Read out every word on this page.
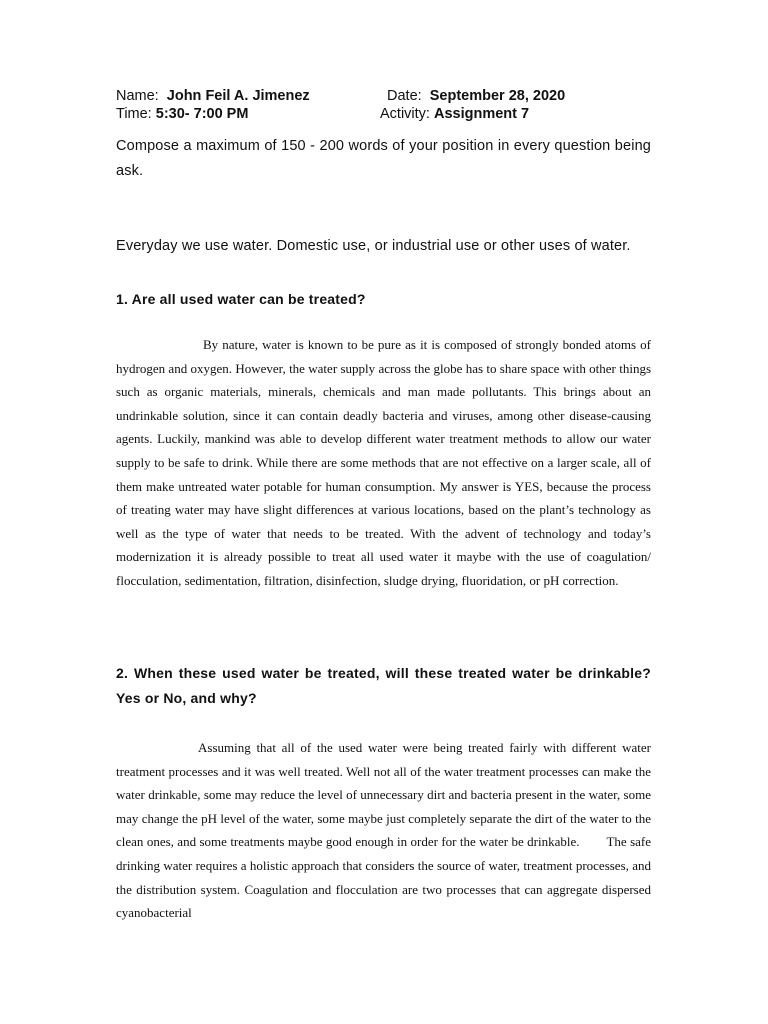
Name: John Feil A. Jimenez	Date: September 28, 2020
Time: 5:30- 7:00 PM	Activity: Assignment 7
Compose a maximum of 150 - 200 words of your position in every question being ask.
Everyday we use water. Domestic use, or industrial use or other uses of water.
1. Are all used water can be treated?
By nature, water is known to be pure as it is composed of strongly bonded atoms of hydrogen and oxygen. However, the water supply across the globe has to share space with other things such as organic materials, minerals, chemicals and man made pollutants. This brings about an undrinkable solution, since it can contain deadly bacteria and viruses, among other disease-causing agents. Luckily, mankind was able to develop different water treatment methods to allow our water supply to be safe to drink. While there are some methods that are not effective on a larger scale, all of them make untreated water potable for human consumption. My answer is YES, because the process of treating water may have slight differences at various locations, based on the plant’s technology as well as the type of water that needs to be treated. With the advent of technology and today’s modernization it is already possible to treat all used water it maybe with the use of coagulation/ flocculation, sedimentation, filtration, disinfection, sludge drying, fluoridation, or pH correction.
2. When these used water be treated, will these treated water be drinkable? Yes or No, and why?
Assuming that all of the used water were being treated fairly with different water treatment processes and it was well treated. Well not all of the water treatment processes can make the water drinkable, some may reduce the level of unnecessary dirt and bacteria present in the water, some may change the pH level of the water, some maybe just completely separate the dirt of the water to the clean ones, and some treatments maybe good enough in order for the water be drinkable.        The safe drinking water requires a holistic approach that considers the source of water, treatment processes, and the distribution system. Coagulation and flocculation are two processes that can aggregate dispersed cyanobacterial
